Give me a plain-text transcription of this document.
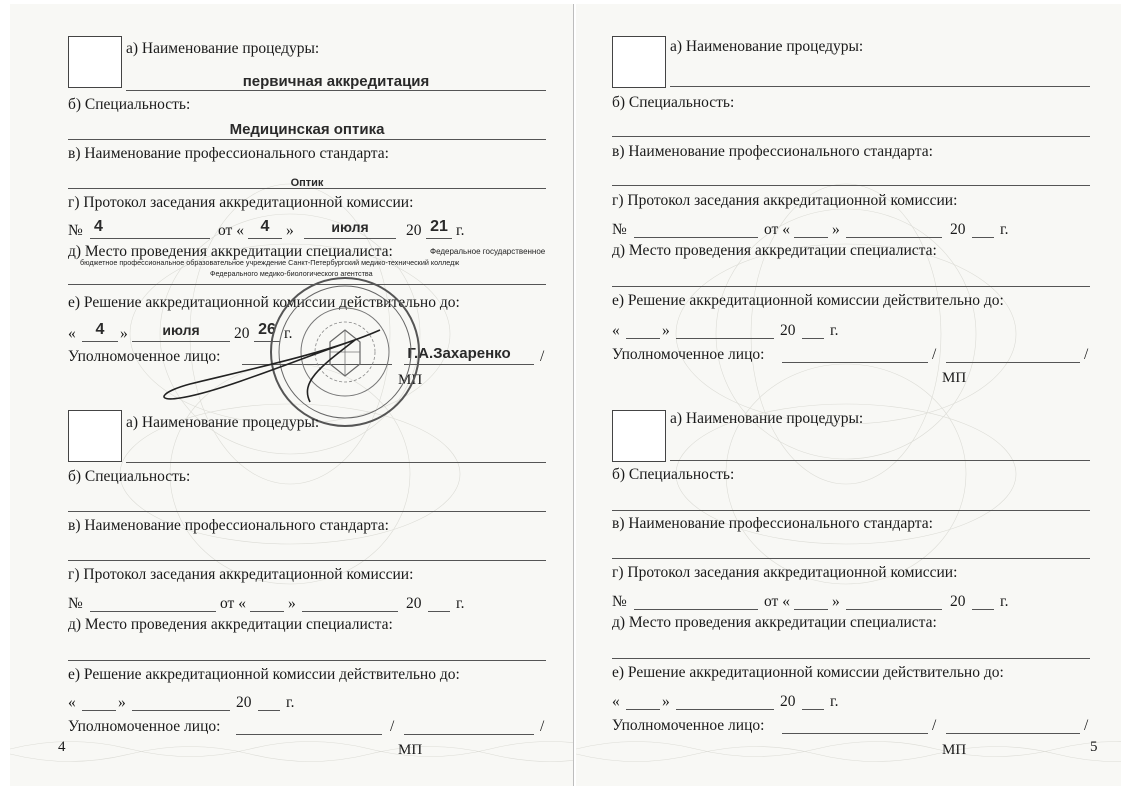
а) Наименование процедуры:
первичная аккредитация
б) Специальность:
Медицинская оптика
в) Наименование профессионального стандарта:
Оптик
г) Протокол заседания аккредитационной комиссии:
№ 4	от «	4	»	июля	20 21 г.
д) Место проведения аккредитации специалиста:	Федеральное государственное
бюджетное профессиональное образовательное учреждение Санкт-Петербургский медико-технический колледж
Федерального медико-биологического агентства
е) Решение аккредитационной комиссии действительно до:
«	4	»	июля	20 26 г.
Уполномоченное лицо:	Г.А.Захаренко /
МП
а) Наименование процедуры:
б) Специальность:
в) Наименование профессионального стандарта:
г) Протокол заседания аккредитационной комиссии:
№	от «	»	20 г.
д) Место проведения аккредитации специалиста:
е) Решение аккредитационной комиссии действительно до:
«	»	20 г.
Уполномоченное лицо:	/	/
МП
4
а) Наименование процедуры:
б) Специальность:
в) Наименование профессионального стандарта:
г) Протокол заседания аккредитационной комиссии:
№	от «	»	20 г.
д) Место проведения аккредитации специалиста:
е) Решение аккредитационной комиссии действительно до:
«	»	20 г.
Уполномоченное лицо:	/	/
МП
а) Наименование процедуры:
б) Специальность:
в) Наименование профессионального стандарта:
г) Протокол заседания аккредитационной комиссии:
№	от «	»	20 г.
д) Место проведения аккредитации специалиста:
е) Решение аккредитационной комиссии действительно до:
«	»	20 г.
Уполномоченное лицо:	/	/
МП	5
